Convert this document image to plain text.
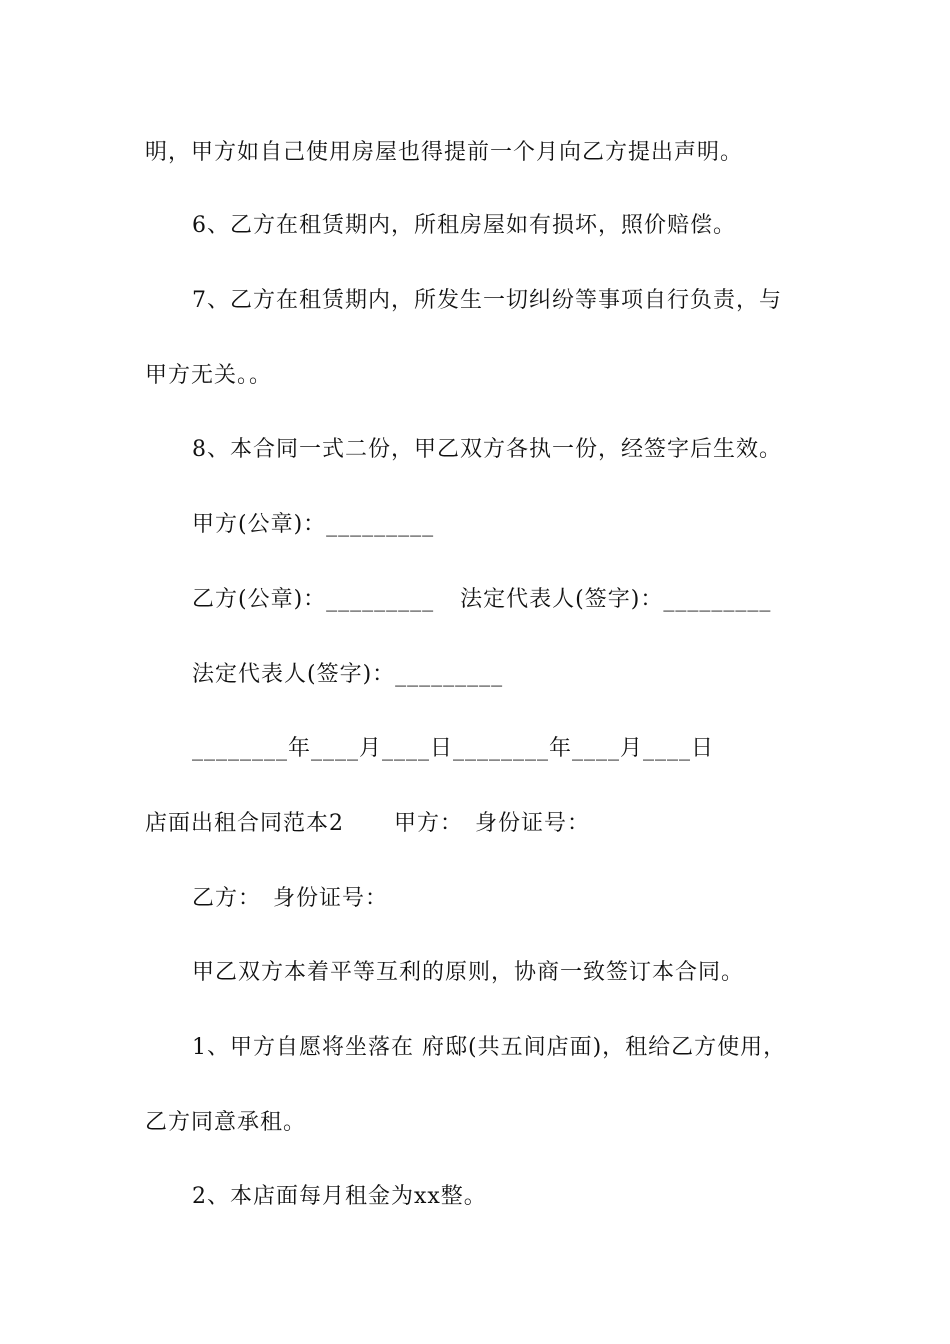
明，甲方如自己使用房屋也得提前一个月向乙方提出声明。
6、乙方在租赁期内，所租房屋如有损坏，照价赔偿。
7、乙方在租赁期内，所发生一切纠纷等事项自行负责，与
甲方无关。。
8、本合同一式二份，甲乙双方各执一份，经签字后生效。
甲方(公章)：_________
乙方(公章)：_________ 法定代表人(签字)：_________
法定代表人(签字)：_________
________年____月____日________年____月____日
店面出租合同范本2 甲方： 身份证号：
乙方： 身份证号：
甲乙双方本着平等互利的原则，协商一致签订本合同。
1、甲方自愿将坐落在 府邸(共五间店面)，租给乙方使用，
乙方同意承租。
2、本店面每月租金为xx整。
